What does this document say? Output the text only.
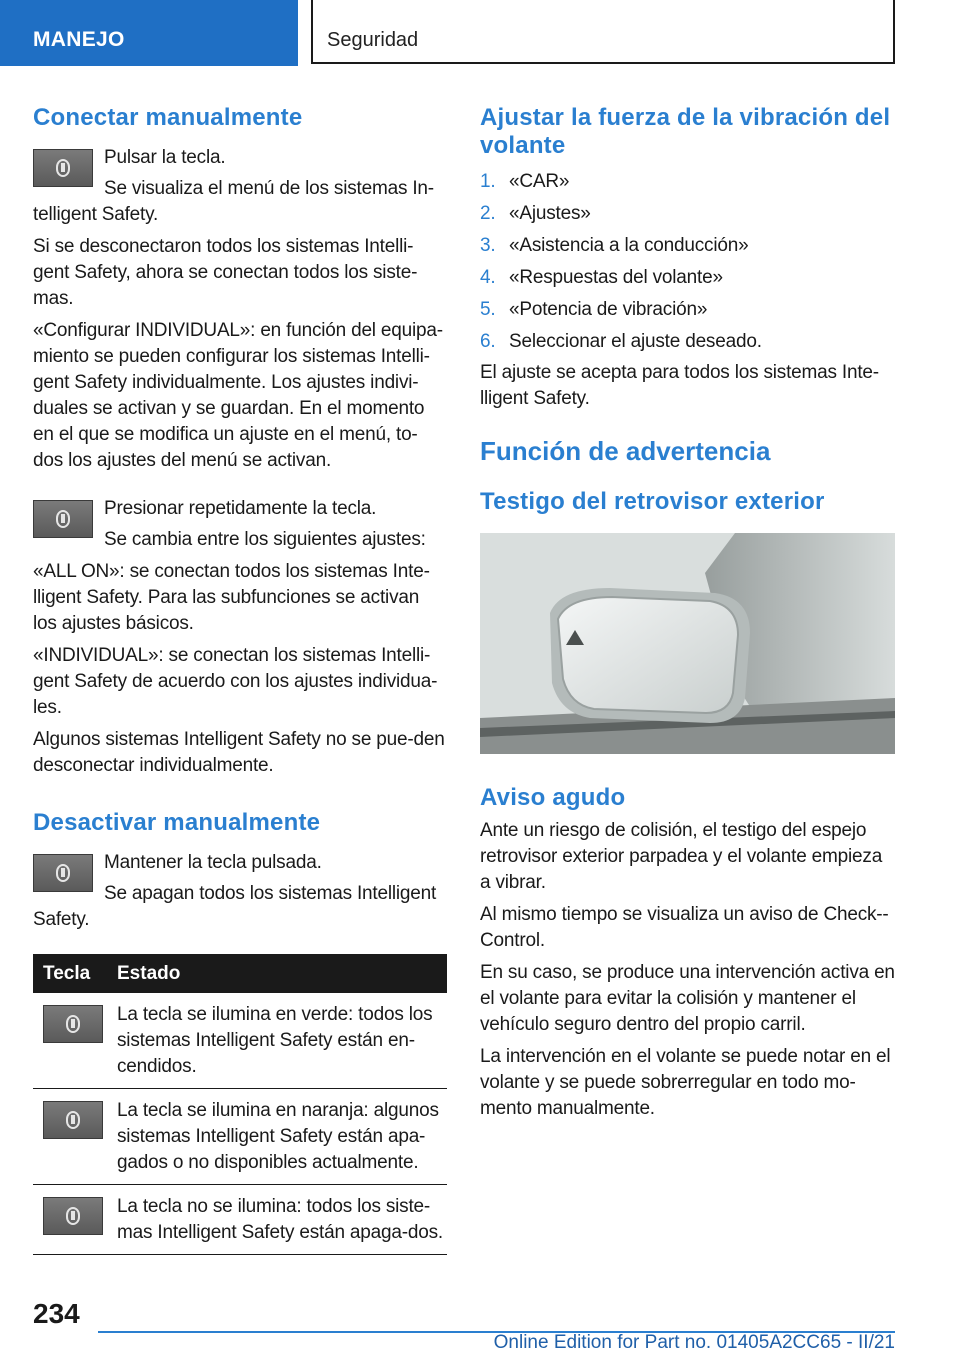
MANEJO	Seguridad
Conectar manualmente

Pulsar la tecla.

Se visualiza el menú de los sistemas In-

telligent Safety.

Si se desconectaron todos los sistemas Intelli-gent Safety, ahora se conectan todos los siste-mas.

«Configurar INDIVIDUAL»: en función del equipa-miento se pueden configurar los sistemas Intelli-gent Safety individualmente. Los ajustes indivi-duales se activan y se guardan. En el momento en el que se modifica un ajuste en el menú, to-dos los ajustes del menú se activan.

Presionar repetidamente la tecla.

Se cambia entre los siguientes ajustes:

«ALL ON»: se conectan todos los sistemas Inte-lligent Safety. Para las subfunciones se activan los ajustes básicos.

«INDIVIDUAL»: se conectan los sistemas Intelli-gent Safety de acuerdo con los ajustes individua-les.

Algunos sistemas Intelligent Safety no se pue-den desconectar individualmente.

Desactivar manualmente

Mantener la tecla pulsada.

Se apagan todos los sistemas Intelligent

Safety.

Tecla	Estado

	La tecla se ilumina en verde: todos los sistemas Intelligent Safety están en-cendidos.

	La tecla se ilumina en naranja: algunos sistemas Intelligent Safety están apa-gados o no disponibles actualmente.

	La tecla no se ilumina: todos los siste-mas Intelligent Safety están apaga-dos.

Ajustar la fuerza de la vibración del volante
1. «CAR»
2. «Ajustes»
3. «Asistencia a la conducción»
4. «Respuestas del volante»
5. «Potencia de vibración»
6. Seleccionar el ajuste deseado.

El ajuste se acepta para todos los sistemas Inte-lligent Safety.

Función de advertencia
Testigo del retrovisor exterior
Aviso agudo

Ante un riesgo de colisión, el testigo del espejo retrovisor exterior parpadea y el volante empieza a vibrar.

Al mismo tiempo se visualiza un aviso de Check--Control.

En su caso, se produce una intervención activa en el volante para evitar la colisión y mantener el vehículo seguro dentro del propio carril.

La intervención en el volante se puede notar en el volante y se puede sobrerregular en todo mo-mento manualmente.

234
Online Edition for Part no. 01405A2CC65 - II/21
